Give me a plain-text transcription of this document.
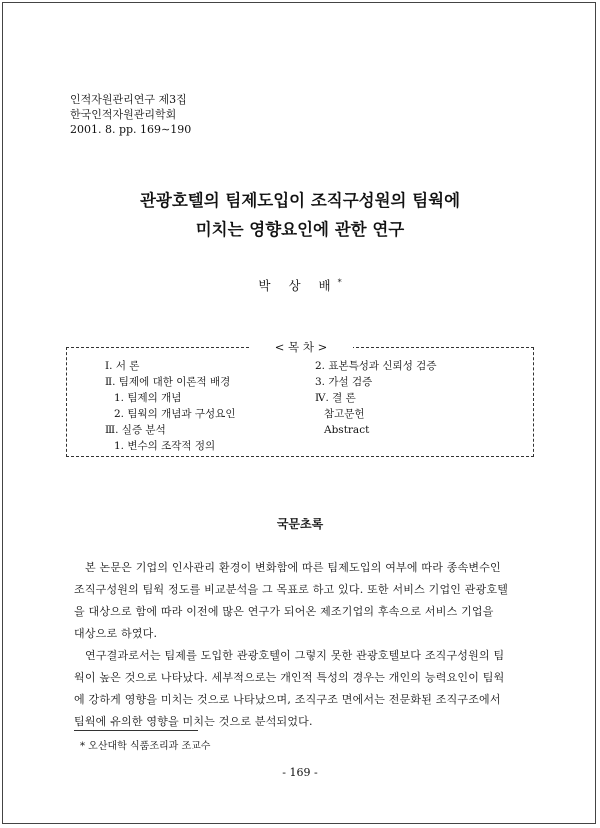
인적자원관리연구 제3집
한국인적자원관리학회
2001. 8. pp. 169∼190
관광호텔의 팀제도입이 조직구성원의 팀웍에
미치는 영향요인에 관한 연구
박 상 배*
< 목 차 >
Ⅰ. 서 론
Ⅱ. 팀제에 대한 이론적 배경
1. 팀제의 개념
2. 팀웍의 개념과 구성요인
Ⅲ. 실증 분석
1. 변수의 조작적 정의
2. 표본특성과 신뢰성 검증
3. 가설 검증
Ⅳ. 결 론
참고문헌
Abstract
국문초록
본 논문은 기업의 인사관리 환경이 변화함에 따른 팀제도입의 여부에 따라 종속변수인
조직구성원의 팀웍 정도를 비교분석을 그 목표로 하고 있다. 또한 서비스 기업인 관광호텔
을 대상으로 함에 따라 이전에 많은 연구가 되어온 제조기업의 후속으로 서비스 기업을
대상으로 하였다.
연구결과로서는 팀제를 도입한 관광호텔이 그렇지 못한 관광호텔보다 조직구성원의 팀
웍이 높은 것으로 나타났다. 세부적으로는 개인적 특성의 경우는 개인의 능력요인이 팀웍
에 강하게 영향을 미치는 것으로 나타났으며, 조직구조 면에서는 전문화된 조직구조에서
팀웍에 유의한 영향을 미치는 것으로 분석되었다.
* 오산대학 식품조리과 조교수
- 169 -
